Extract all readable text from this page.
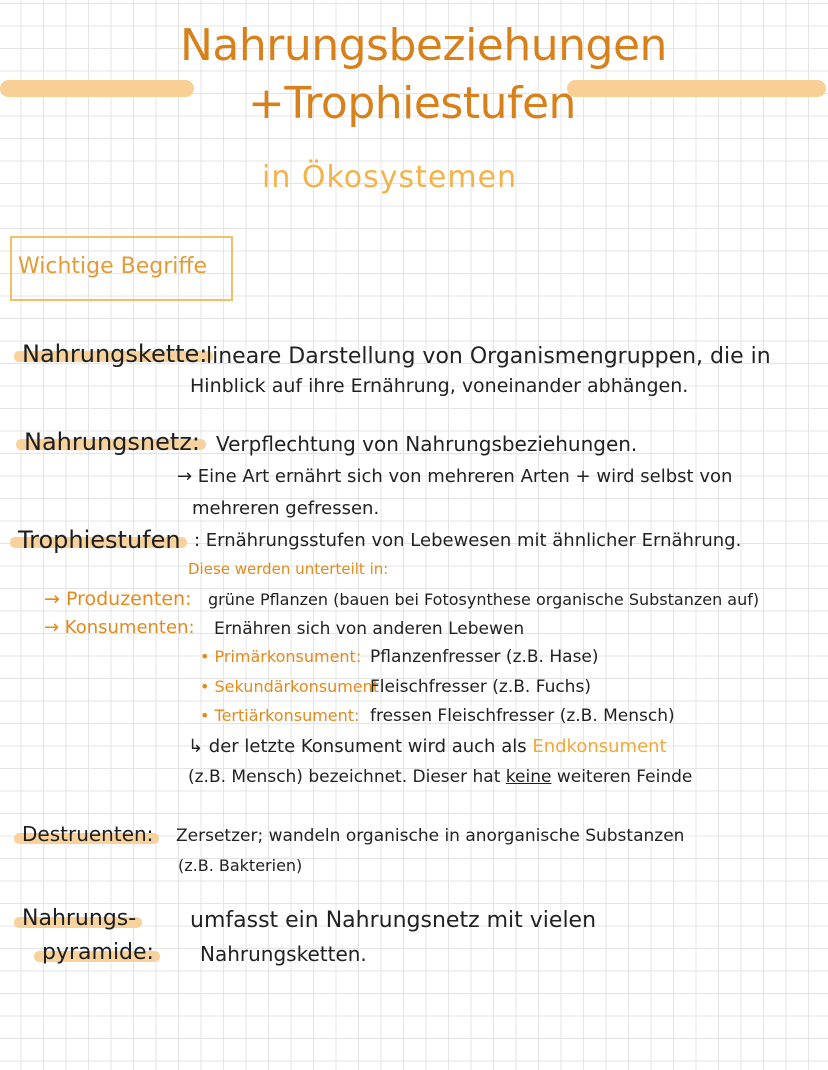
Nahrungsbeziehungen
+Trophiestufen
in Ökosystemen
Wichtige Begriffe
Nahrungskette:
lineare Darstellung von Organismengruppen, die in
Hinblick auf ihre Ernährung, voneinander abhängen.
Nahrungsnetz: Verpflechtung von Nahrungsbeziehungen.
→ Eine Art ernährt sich von mehreren Arten + wird selbst von
mehreren gefressen.
Trophiestufen : Ernährungsstufen von Lebewesen mit ähnlicher Ernährung.
Diese werden unterteilt in:
→ Produzenten: grüne Pflanzen (bauen bei Fotosynthese organische Substanzen auf)
→ Konsumenten: Ernähren sich von anderen Lebewen
• Primärkonsument: Pflanzenfresser (z.B. Hase)
• Sekundärkonsument:
Fleischfresser (z.B. Fuchs)
• Tertiärkonsument: fressen Fleischfresser (z.B. Mensch)
↳ der letzte Konsument wird auch als Endkonsument
(z.B. Mensch) bezeichnet. Dieser hat keine weiteren Feinde
Destruenten: Zersetzer; wandeln organische in anorganische Substanzen
(z.B. Bakterien)
Nahrungs-
pyramide:
umfasst ein Nahrungsnetz mit vielen
Nahrungsketten.
